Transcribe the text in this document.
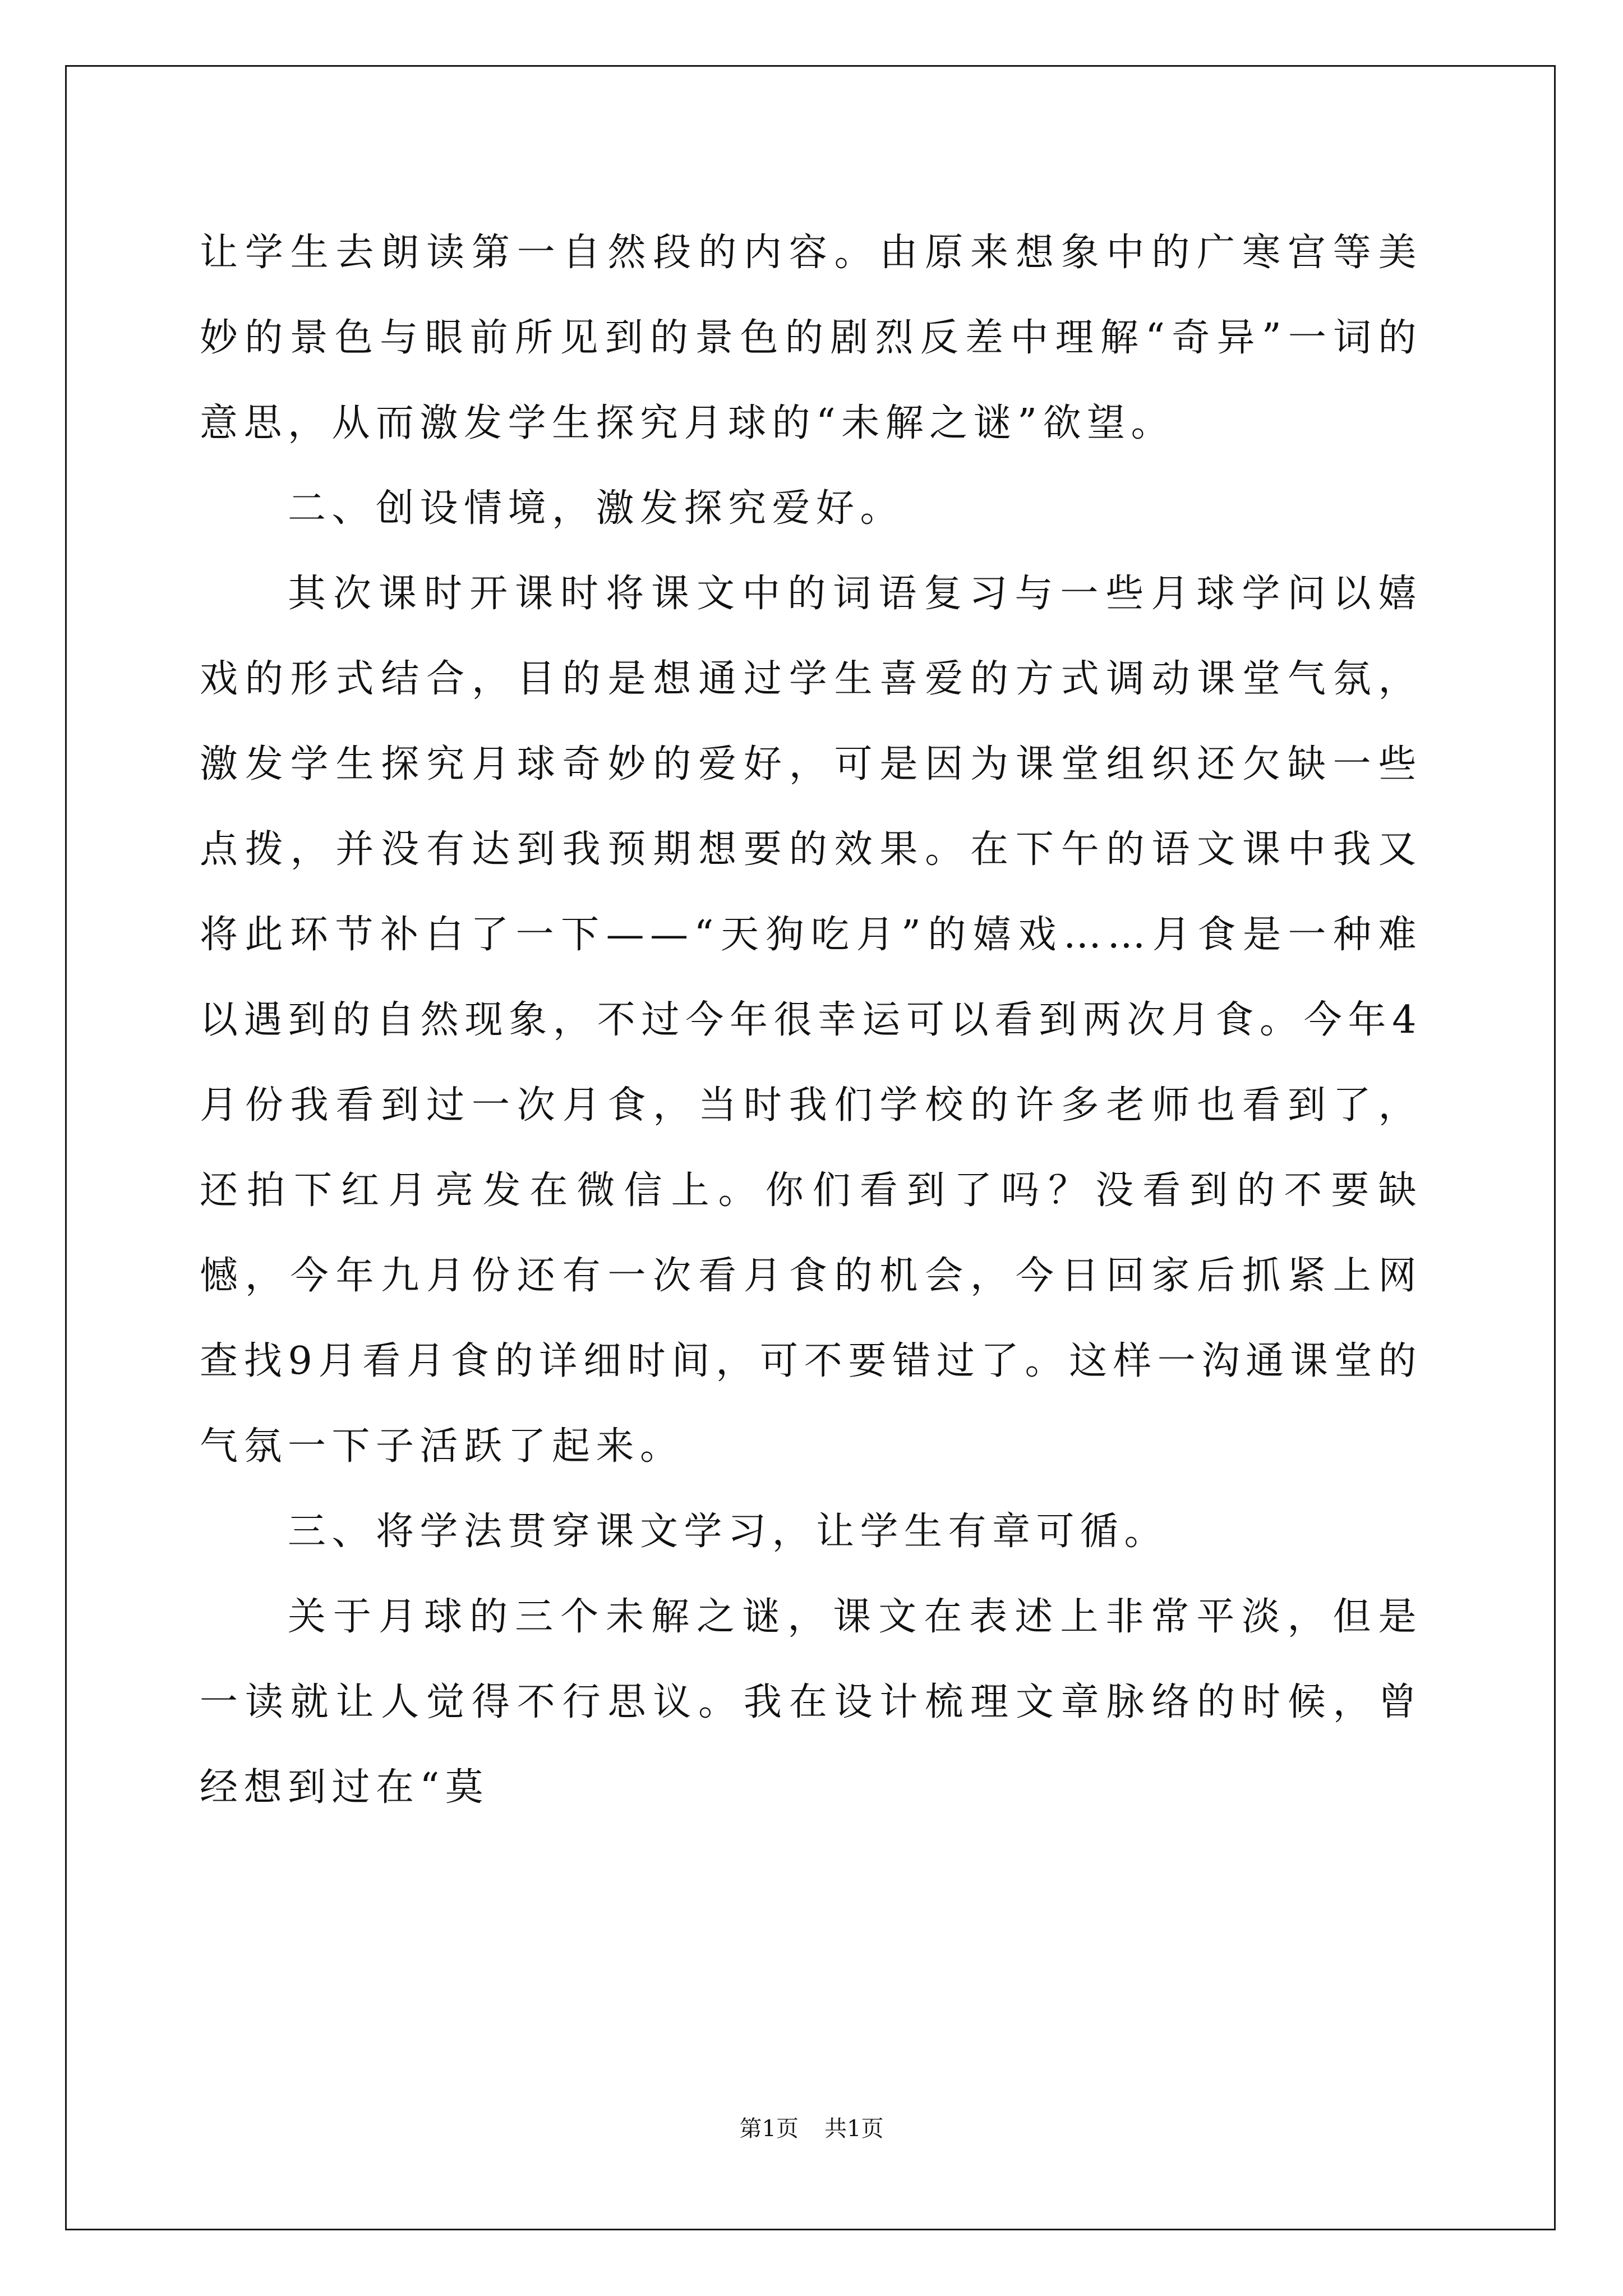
让学生去朗读第一自然段的内容。由原来想象中的广寒宫等美妙的景色与眼前所见到的景色的剧烈反差中理解“奇异”一词的意思，从而激发学生探究月球的“未解之谜”欲望。

二、创设情境，激发探究爱好。

其次课时开课时将课文中的词语复习与一些月球学问以嬉戏的形式结合，目的是想通过学生喜爱的方式调动课堂气氛，激发学生探究月球奇妙的爱好，可是因为课堂组织还欠缺一些点拨，并没有达到我预期想要的效果。在下午的语文课中我又将此环节补白了一下——“天狗吃月”的嬉戏……月食是一种难以遇到的自然现象，不过今年很幸运可以看到两次月食。今年4月份我看到过一次月食，当时我们学校的许多老师也看到了，还拍下红月亮发在微信上。你们看到了吗？没看到的不要缺憾，今年九月份还有一次看月食的机会，今日回家后抓紧上网查找9月看月食的详细时间，可不要错过了。这样一沟通课堂的气氛一下子活跃了起来。

三、将学法贯穿课文学习，让学生有章可循。

关于月球的三个未解之谜，课文在表述上非常平淡，但是一读就让人觉得不行思议。我在设计梳理文章脉络的时候，曾经想到过在“莫

第1页 共1页
